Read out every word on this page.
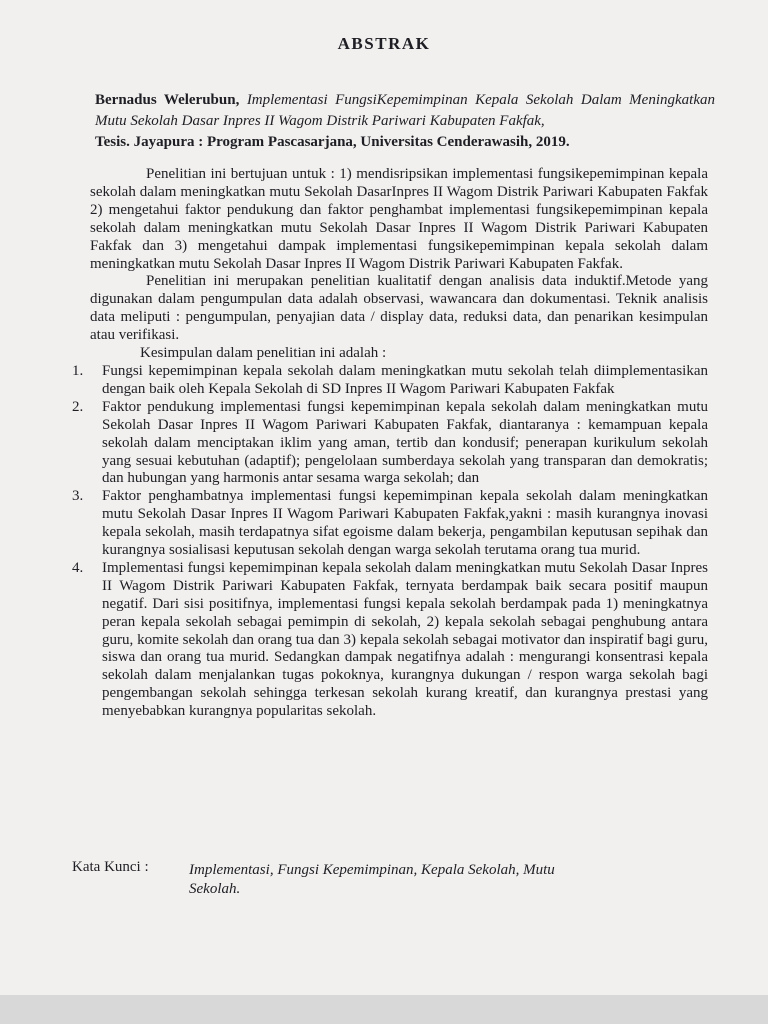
ABSTRAK
Bernadus Welerubun, Implementasi FungsiKepemimpinan Kepala Sekolah Dalam Meningkatkan Mutu Sekolah Dasar Inpres II Wagom Distrik Pariwari Kabupaten Fakfak,
Tesis. Jayapura : Program Pascasarjana, Universitas Cenderawasih, 2019.

Penelitian ini bertujuan untuk : 1) mendisripsikan implementasi fungsikepemimpinan kepala sekolah dalam meningkatkan mutu Sekolah DasarInpres II Wagom Distrik Pariwari Kabupaten Fakfak 2) mengetahui faktor pendukung dan faktor penghambat implementasi fungsikepemimpinan kepala sekolah dalam meningkatkan mutu Sekolah Dasar Inpres II Wagom Distrik Pariwari Kabupaten Fakfak dan 3) mengetahui dampak implementasi fungsikepemimpinan kepala sekolah dalam meningkatkan mutu Sekolah Dasar Inpres II Wagom Distrik Pariwari Kabupaten Fakfak.

Penelitian ini merupakan penelitian kualitatif dengan analisis data induktif.Metode yang digunakan dalam pengumpulan data adalah observasi, wawancara dan dokumentasi. Teknik analisis data meliputi : pengumpulan, penyajian data / display data, reduksi data, dan penarikan kesimpulan atau verifikasi.

Kesimpulan dalam penelitian ini adalah :

1. Fungsi kepemimpinan kepala sekolah dalam meningkatkan mutu sekolah telah diimplementasikan dengan baik oleh Kepala Sekolah di SD Inpres II Wagom Pariwari Kabupaten Fakfak
2. Faktor pendukung implementasi fungsi kepemimpinan kepala sekolah dalam meningkatkan mutu Sekolah Dasar Inpres II Wagom Pariwari Kabupaten Fakfak, diantaranya : kemampuan kepala sekolah dalam menciptakan iklim yang aman, tertib dan kondusif; penerapan kurikulum sekolah yang sesuai kebutuhan (adaptif); pengelolaan sumberdaya sekolah yang transparan dan demokratis; dan hubungan yang harmonis antar sesama warga sekolah; dan
3. Faktor penghambatnya implementasi fungsi kepemimpinan kepala sekolah dalam meningkatkan mutu Sekolah Dasar Inpres II Wagom Pariwari Kabupaten Fakfak,yakni : masih kurangnya inovasi kepala sekolah, masih terdapatnya sifat egoisme dalam bekerja, pengambilan keputusan sepihak dan kurangnya sosialisasi keputusan sekolah dengan warga sekolah terutama orang tua murid.
4. Implementasi fungsi kepemimpinan kepala sekolah dalam meningkatkan mutu Sekolah Dasar Inpres II Wagom Distrik Pariwari Kabupaten Fakfak, ternyata berdampak baik secara positif maupun negatif. Dari sisi positifnya, implementasi fungsi kepala sekolah berdampak pada 1) meningkatnya peran kepala sekolah sebagai pemimpin di sekolah, 2) kepala sekolah sebagai penghubung antara guru, komite sekolah dan orang tua dan 3) kepala sekolah sebagai motivator dan inspiratif bagi guru, siswa dan orang tua murid. Sedangkan dampak negatifnya adalah : mengurangi konsentrasi kepala sekolah dalam menjalankan tugas pokoknya, kurangnya dukungan / respon warga sekolah bagi pengembangan sekolah sehingga terkesan sekolah kurang kreatif, dan kurangnya prestasi yang menyebabkan kurangnya popularitas sekolah.
Kata Kunci :	Implementasi, Fungsi Kepemimpinan, Kepala Sekolah, Mutu Sekolah.
